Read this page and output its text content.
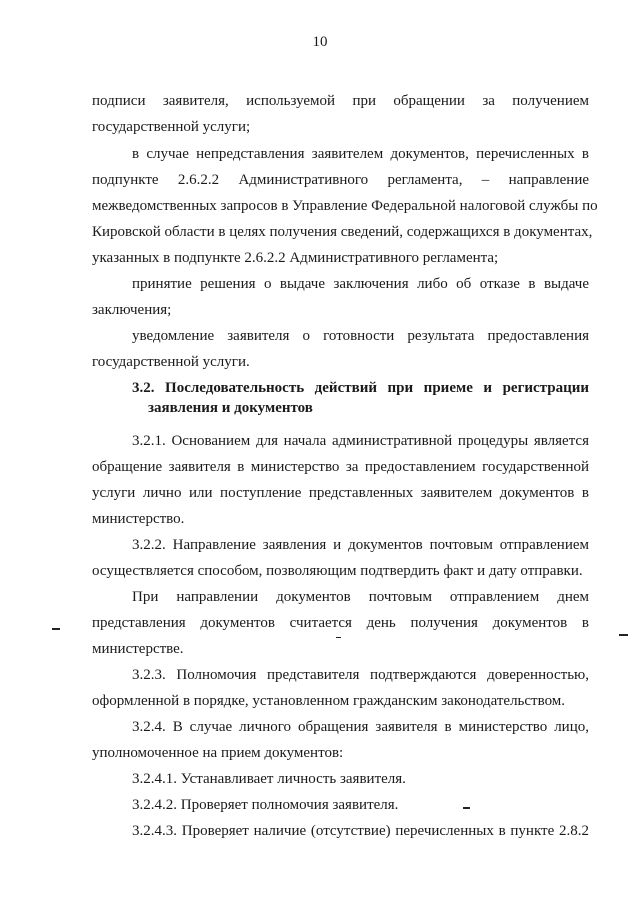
10
подписи заявителя, используемой при обращении за получением
государственной услуги;
в случае непредставления заявителем документов, перечисленных в
подпункте 2.6.2.2 Административного регламента, – направление
межведомственных запросов в Управление Федеральной налоговой службы по
Кировской области в целях получения сведений, содержащихся в документах,
указанных в подпункте 2.6.2.2 Административного регламента;
принятие решения о выдаче заключения либо об отказе в выдаче
заключения;
уведомление заявителя о готовности результата предоставления
государственной услуги.
3.2. Последовательность действий при приеме и регистрации
заявления и документов
3.2.1. Основанием для начала административной процедуры является
обращение заявителя в министерство за предоставлением государственной
услуги лично или поступление представленных заявителем документов в
министерство.
3.2.2. Направление заявления и документов почтовым отправлением
осуществляется способом, позволяющим подтвердить факт и дату отправки.
При направлении документов почтовым отправлением днем
представления документов считается день получения документов в
министерстве.
3.2.3. Полномочия представителя подтверждаются доверенностью,
оформленной в порядке, установленном гражданским законодательством.
3.2.4. В случае личного обращения заявителя в министерство лицо,
уполномоченное на прием документов:
3.2.4.1. Устанавливает личность заявителя.
3.2.4.2. Проверяет полномочия заявителя.
3.2.4.3. Проверяет наличие (отсутствие) перечисленных в пункте 2.8.2
